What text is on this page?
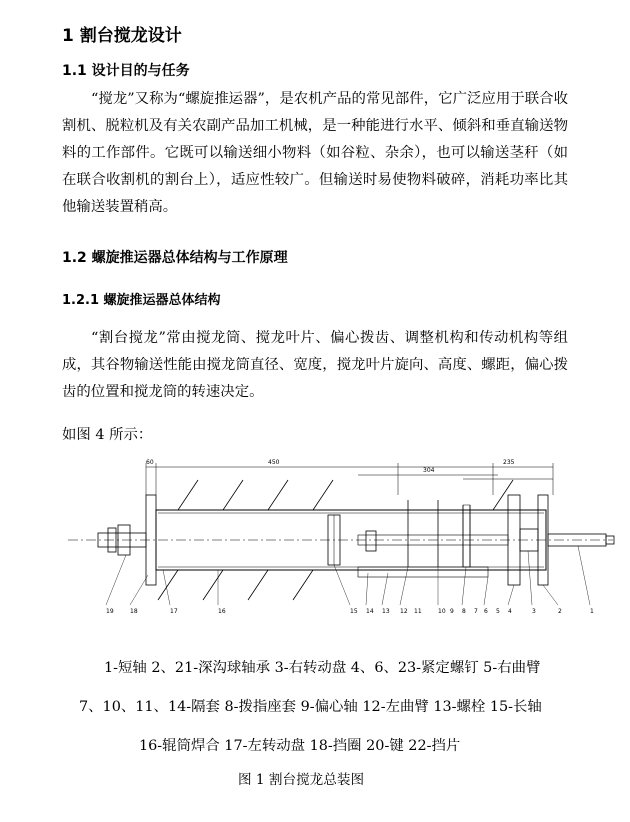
1 割台搅龙设计
1.1 设计目的与任务
“搅龙”又称为“螺旋推运器”，是农机产品的常见部件，它广泛应用于联合收割机、脱粒机及有关农副产品加工机械，是一种能进行水平、倾斜和垂直输送物料的工作部件。它既可以输送细小物料（如谷粒、杂余），也可以输送茎秆（如在联合收割机的割台上），适应性较广。但输送时易使物料破碎，消耗功率比其他输送装置稍高。
1.2 螺旋推运器总体结构与工作原理
1.2.1 螺旋推运器总体结构
“割台搅龙”常由搅龙筒、搅龙叶片、偏心拨齿、调整机构和传动机构等组成，其谷物输送性能由搅龙筒直径、宽度，搅龙叶片旋向、高度、螺距，偏心拨齿的位置和搅龙筒的转速决定。
如图 4 所示：
60	450
304
235
19	18	17	16	15 14 13 12 11	10 9 8 7 6 5 4	3	2	1
1-短轴 2、21-深沟球轴承 3-右转动盘 4、6、23-紧定螺钉 5-右曲臂
7、10、11、14-隔套 8-拨指座套 9-偏心轴 12-左曲臂 13-螺栓 15-长轴
16-辊筒焊合 17-左转动盘 18-挡圈 20-键 22-挡片
图 1 割台搅龙总装图
